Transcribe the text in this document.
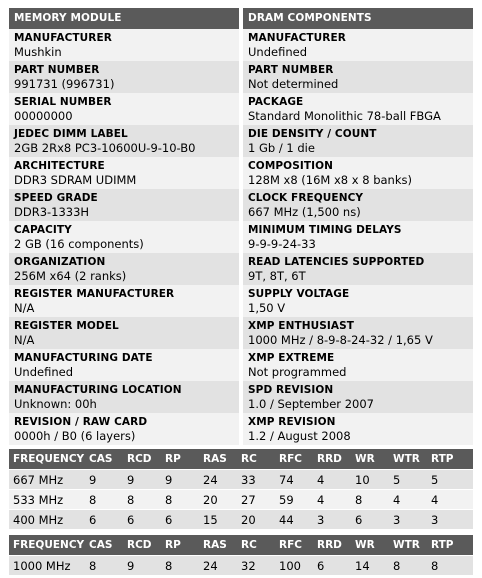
MEMORY MODULE	DRAM COMPONENTS
MANUFACTURER
Mushkin
MANUFACTURER
Undefined
PART NUMBER
991731 (996731)
PART NUMBER
Not determined
SERIAL NUMBER
00000000
PACKAGE
Standard Monolithic 78-ball FBGA
JEDEC DIMM LABEL
2GB 2Rx8 PC3-10600U-9-10-B0
DIE DENSITY / COUNT
1 Gb / 1 die
ARCHITECTURE
DDR3 SDRAM UDIMM
COMPOSITION
128M x8 (16M x8 x 8 banks)
SPEED GRADE
DDR3-1333H
CLOCK FREQUENCY
667 MHz (1,500 ns)
CAPACITY
2 GB (16 components)
MINIMUM TIMING DELAYS
9-9-9-24-33
ORGANIZATION
256M x64 (2 ranks)
READ LATENCIES SUPPORTED
9T, 8T, 6T
REGISTER MANUFACTURER
N/A
SUPPLY VOLTAGE
1,50 V
REGISTER MODEL
N/A
XMP ENTHUSIAST
1000 MHz / 8-9-8-24-32 / 1,65 V
MANUFACTURING DATE
Undefined
XMP EXTREME
Not programmed
MANUFACTURING LOCATION
Unknown: 00h
SPD REVISION
1.0 / September 2007
REVISION / RAW CARD
0000h / B0 (6 layers)
XMP REVISION
1.2 / August 2008
FREQUENCY	CAS	RCD	RP	RAS	RC	RFC	RRD	WR	WTR	RTP
667 MHz	9	9	9	24	33	74	4	10	5	5
533 MHz	8	8	8	20	27	59	4	8	4	4
400 MHz	6	6	6	15	20	44	3	6	3	3
FREQUENCY	CAS	RCD	RP	RAS	RC	RFC	RRD	WR	WTR	RTP
1000 MHz	8	9	8	24	32	100	6	14	8	8
